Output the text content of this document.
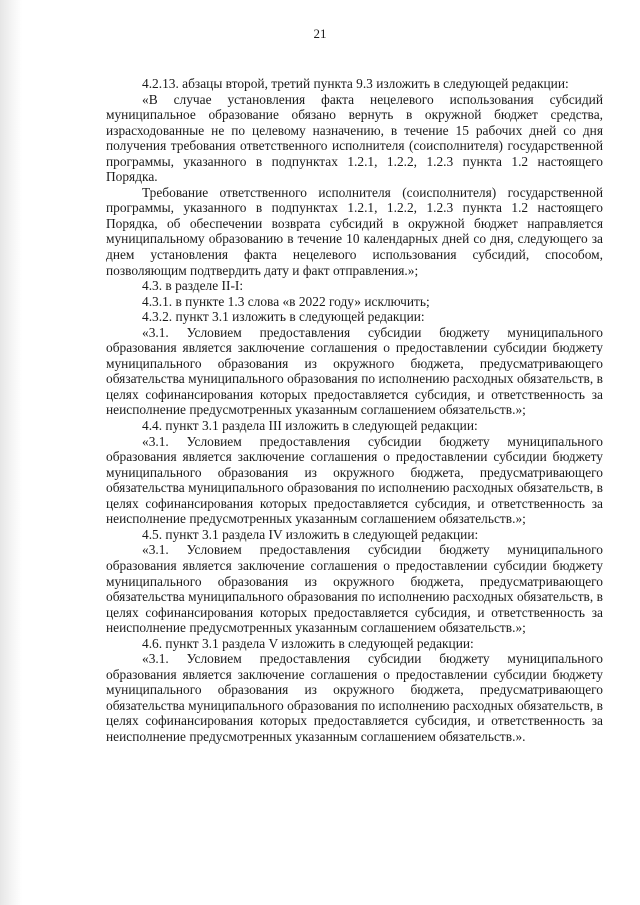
21

4.2.13. абзацы второй, третий пункта 9.3 изложить в следующей редакции:

«В случае установления факта нецелевого использования субсидий муниципальное образование обязано вернуть в окружной бюджет средства, израсходованные не по целевому назначению, в течение 15 рабочих дней со дня получения требования ответственного исполнителя (соисполнителя) государственной программы, указанного в подпунктах 1.2.1, 1.2.2, 1.2.3 пункта 1.2 настоящего Порядка.

Требование ответственного исполнителя (соисполнителя) государственной программы, указанного в подпунктах 1.2.1, 1.2.2, 1.2.3 пункта 1.2 настоящего Порядка, об обеспечении возврата субсидий в окружной бюджет направляется муниципальному образованию в течение 10 календарных дней со дня, следующего за днем установления факта нецелевого использования субсидий, способом, позволяющим подтвердить дату и факт отправления.»;

4.3. в разделе II-I:

4.3.1. в пункте 1.3 слова «в 2022 году» исключить;

4.3.2. пункт 3.1 изложить в следующей редакции:

«3.1. Условием предоставления субсидии бюджету муниципального образования является заключение соглашения о предоставлении субсидии бюджету муниципального образования из окружного бюджета, предусматривающего обязательства муниципального образования по исполнению расходных обязательств, в целях софинансирования которых предоставляется субсидия, и ответственность за неисполнение предусмотренных указанным соглашением обязательств.»;

4.4. пункт 3.1 раздела III изложить в следующей редакции:

«3.1. Условием предоставления субсидии бюджету муниципального образования является заключение соглашения о предоставлении субсидии бюджету муниципального образования из окружного бюджета, предусматривающего обязательства муниципального образования по исполнению расходных обязательств, в целях софинансирования которых предоставляется субсидия, и ответственность за неисполнение предусмотренных указанным соглашением обязательств.»;

4.5. пункт 3.1 раздела IV изложить в следующей редакции:

«3.1. Условием предоставления субсидии бюджету муниципального образования является заключение соглашения о предоставлении субсидии бюджету муниципального образования из окружного бюджета, предусматривающего обязательства муниципального образования по исполнению расходных обязательств, в целях софинансирования которых предоставляется субсидия, и ответственность за неисполнение предусмотренных указанным соглашением обязательств.»;

4.6. пункт 3.1 раздела V изложить в следующей редакции:

«3.1. Условием предоставления субсидии бюджету муниципального образования является заключение соглашения о предоставлении субсидии бюджету муниципального образования из окружного бюджета, предусматривающего обязательства муниципального образования по исполнению расходных обязательств, в целях софинансирования которых предоставляется субсидия, и ответственность за неисполнение предусмотренных указанным соглашением обязательств.».
